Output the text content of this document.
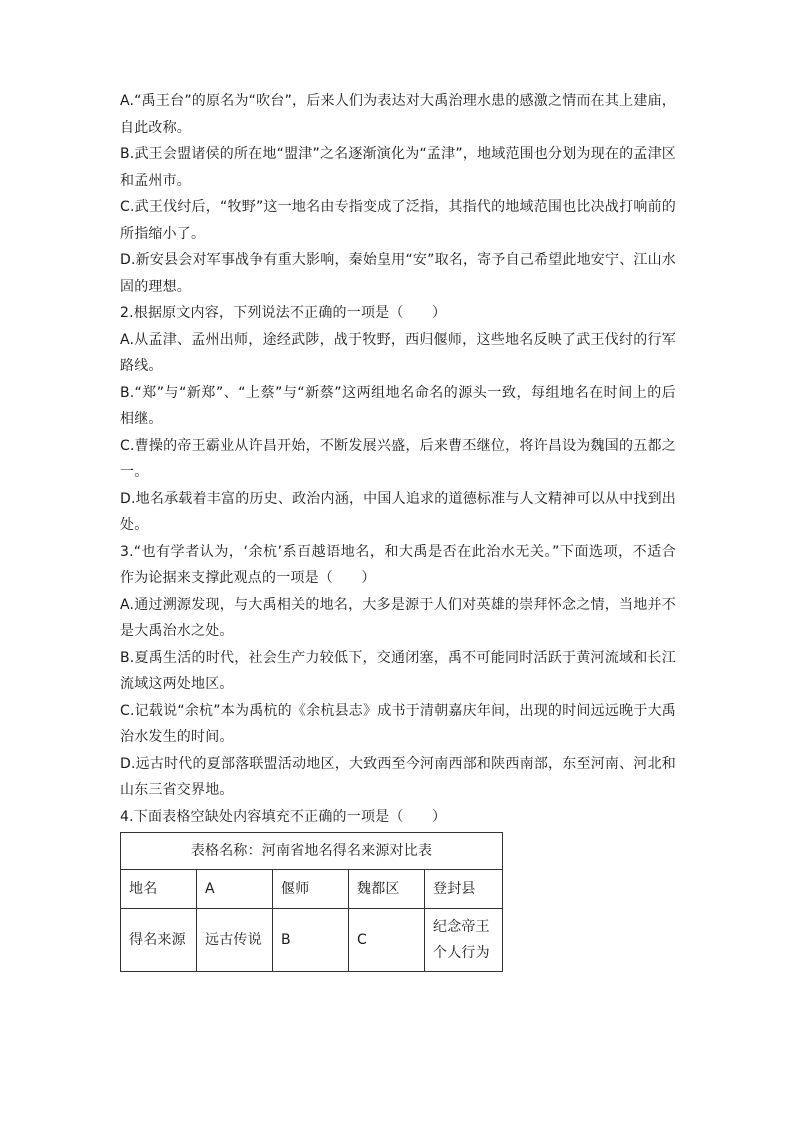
A.“禹王台”的原名为“吹台”，后来人们为表达对大禹治理水患的感激之情而在其上建庙，自此改称。

B.武王会盟诸侯的所在地“盟津”之名逐渐演化为“孟津”，地域范围也分划为现在的孟津区和孟州市。

C.武王伐纣后，“牧野”这一地名由专指变成了泛指，其指代的地域范围也比决战打响前的所指缩小了。

D.新安县会对军事战争有重大影响，秦始皇用“安”取名，寄予自己希望此地安宁、江山水固的理想。

2.根据原文内容，下列说法不正确的一项是（　　）

A.从孟津、孟州出师，途经武陟，战于牧野，西归偃师，这些地名反映了武王伐纣的行军路线。

B.“郑”与“新郑”、“上蔡”与“新蔡”这两组地名命名的源头一致，每组地名在时间上的后相继。

C.曹操的帝王霸业从许昌开始，不断发展兴盛，后来曹丕继位，将许昌设为魏国的五都之一。

D.地名承载着丰富的历史、政治内涵，中国人追求的道德标准与人文精神可以从中找到出处。

3.“也有学者认为，‘余杭’系百越语地名，和大禹是否在此治水无关。”下面选项，不适合作为论据来支撑此观点的一项是（　　）

A.通过溯源发现，与大禹相关的地名，大多是源于人们对英雄的崇拜怀念之情，当地并不是大禹治水之处。

B.夏禹生活的时代，社会生产力较低下，交通闭塞，禹不可能同时活跃于黄河流域和长江流域这两处地区。

C.记载说“余杭”本为禹杭的《余杭县志》成书于清朝嘉庆年间，出现的时间远远晚于大禹治水发生的时间。

D.远古时代的夏部落联盟活动地区，大致西至今河南西部和陕西南部，东至河南、河北和山东三省交界地。

4.下面表格空缺处内容填充不正确的一项是（　　）

表格名称：河南省地名得名来源对比表				
地名	A	偃师	魏都区	登封县
得名来源	远古传说	B	C	纪念帝王个人行为
